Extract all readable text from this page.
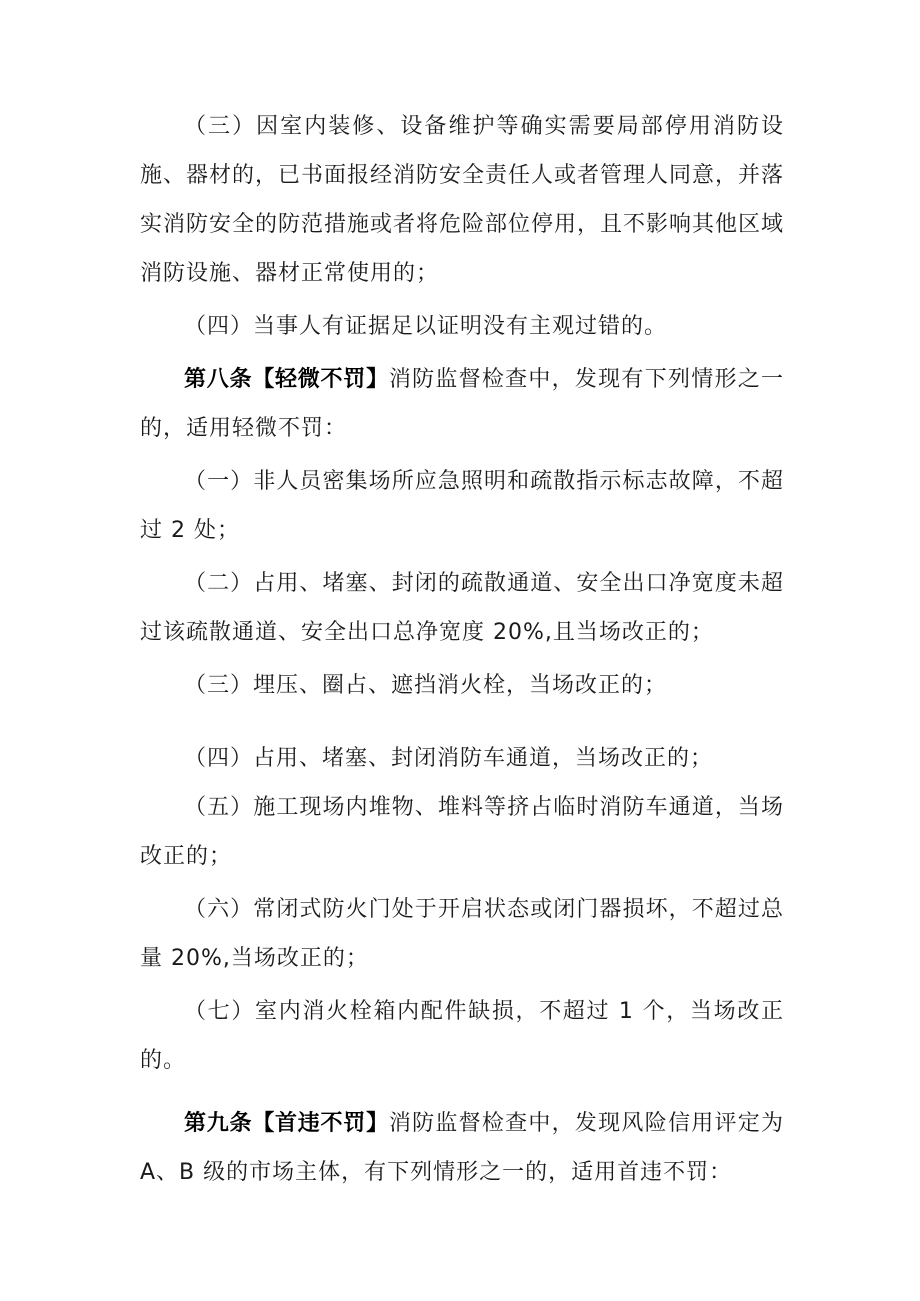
（三）因室内装修、设备维护等确实需要局部停用消防设施、器材的，已书面报经消防安全责任人或者管理人同意，并落实消防安全的防范措施或者将危险部位停用，且不影响其他区域消防设施、器材正常使用的；

（四）当事人有证据足以证明没有主观过错的。

第八条【轻微不罚】消防监督检查中，发现有下列情形之一的，适用轻微不罚：

（一）非人员密集场所应急照明和疏散指示标志故障，不超过 2 处；

（二）占用、堵塞、封闭的疏散通道、安全出口净宽度未超过该疏散通道、安全出口总净宽度 20%,且当场改正的；

（三）埋压、圈占、遮挡消火栓，当场改正的；

（四）占用、堵塞、封闭消防车通道，当场改正的；

（五）施工现场内堆物、堆料等挤占临时消防车通道，当场改正的；

（六）常闭式防火门处于开启状态或闭门器损坏，不超过总量 20%,当场改正的；

（七）室内消火栓箱内配件缺损，不超过 1 个，当场改正的。

第九条【首违不罚】消防监督检查中，发现风险信用评定为 A、B 级的市场主体，有下列情形之一的，适用首违不罚：
